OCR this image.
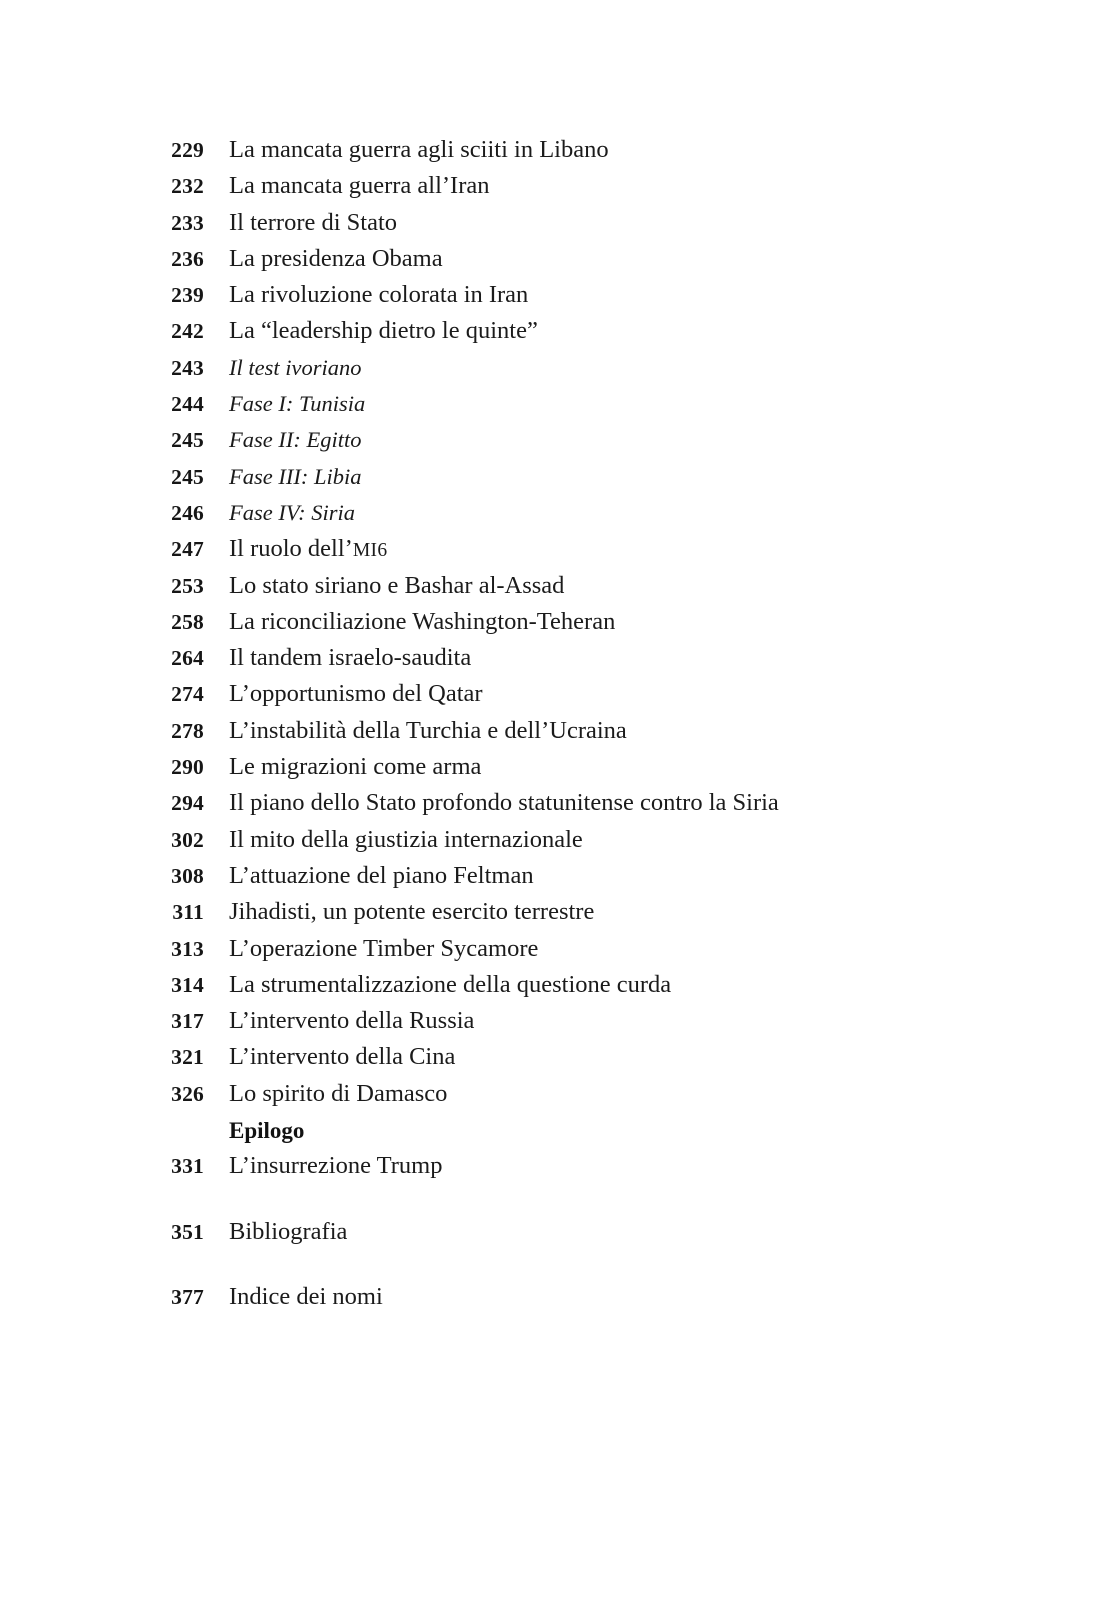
229 La mancata guerra agli sciiti in Libano
232 La mancata guerra all’Iran
233 Il terrore di Stato
236 La presidenza Obama
239 La rivoluzione colorata in Iran
242 La “leadership dietro le quinte”
243 Il test ivoriano
244 Fase I: Tunisia
245 Fase II: Egitto
245 Fase III: Libia
246 Fase IV: Siria
247 Il ruolo dell’MI6
253 Lo stato siriano e Bashar al-Assad
258 La riconciliazione Washington-Teheran
264 Il tandem israelo-saudita
274 L’opportunismo del Qatar
278 L’instabilità della Turchia e dell’Ucraina
290 Le migrazioni come arma
294 Il piano dello Stato profondo statunitense contro la Siria
302 Il mito della giustizia internazionale
308 L’attuazione del piano Feltman
311 Jihadisti, un potente esercito terrestre
313 L’operazione Timber Sycamore
314 La strumentalizzazione della questione curda
317 L’intervento della Russia
321 L’intervento della Cina
326 Lo spirito di Damasco
Epilogo
331 L’insurrezione Trump
351 Bibliografia
377 Indice dei nomi
